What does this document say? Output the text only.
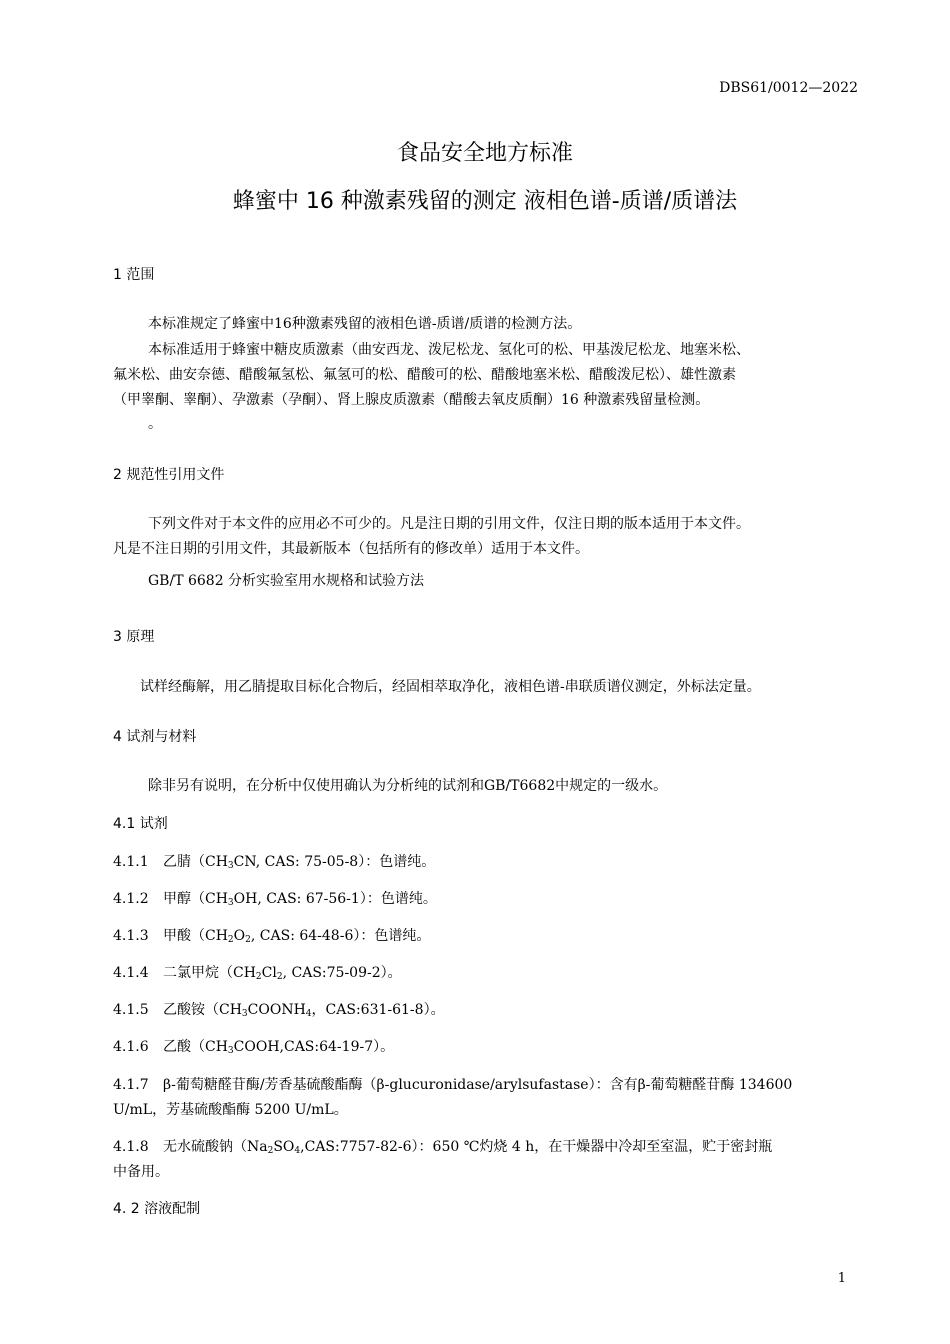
DBS61/0012—2022

食品安全地方标准
蜂蜜中 16 种激素残留的测定 液相色谱-质谱/质谱法

1 范围

本标准规定了蜂蜜中16种激素残留的液相色谱-质谱/质谱的检测方法。

本标准适用于蜂蜜中糖皮质激素（曲安西龙、泼尼松龙、氢化可的松、甲基泼尼松龙、地塞米松、

氟米松、曲安奈德、醋酸氟氢松、氟氢可的松、醋酸可的松、醋酸地塞米松、醋酸泼尼松）、雄性激素

（甲睾酮、睾酮）、孕激素（孕酮）、肾上腺皮质激素（醋酸去氧皮质酮）16 种激素残留量检测。

。

2 规范性引用文件

下列文件对于本文件的应用必不可少的。凡是注日期的引用文件，仅注日期的版本适用于本文件。

凡是不注日期的引用文件，其最新版本（包括所有的修改单）适用于本文件。

GB/T 6682 分析实验室用水规格和试验方法

3 原理

试样经酶解，用乙腈提取目标化合物后，经固相萃取净化，液相色谱-串联质谱仪测定，外标法定量。

4 试剂与材料

除非另有说明，在分析中仅使用确认为分析纯的试剂和GB/T6682中规定的一级水。

4.1 试剂

4.1.1 乙腈（$CH_3CN$, CAS: 75-05-8）：色谱纯。
4.1.2 甲醇（$CH_3OH$, CAS: 67-56-1）：色谱纯。
4.1.3 甲酸（$CH_2O_2$, CAS: 64-48-6）：色谱纯。
4.1.4 二氯甲烷（$CH_2Cl_2$, CAS:75-09-2）。
4.1.5 乙酸铵（$CH_3COONH_4$，CAS:631-61-8）。
4.1.6 乙酸$(CH_3COOH,CAS:64-19-7)$。
4.1.7 β-葡萄糖醛苷酶/芳香基硫酸酯酶（β-glucuronidase/arylsufastase）：含有β-葡萄糖醛苷酶 134600

U/mL，芳基硫酸酯酶 5200 U/mL。

4.1.8 无水硫酸钠$(Na_2SO_4,CAS:7757-82-6)$：650 ℃灼烧 4 h，在干燥器中冷却至室温，贮于密封瓶

中备用。

4. 2 溶液配制

1
